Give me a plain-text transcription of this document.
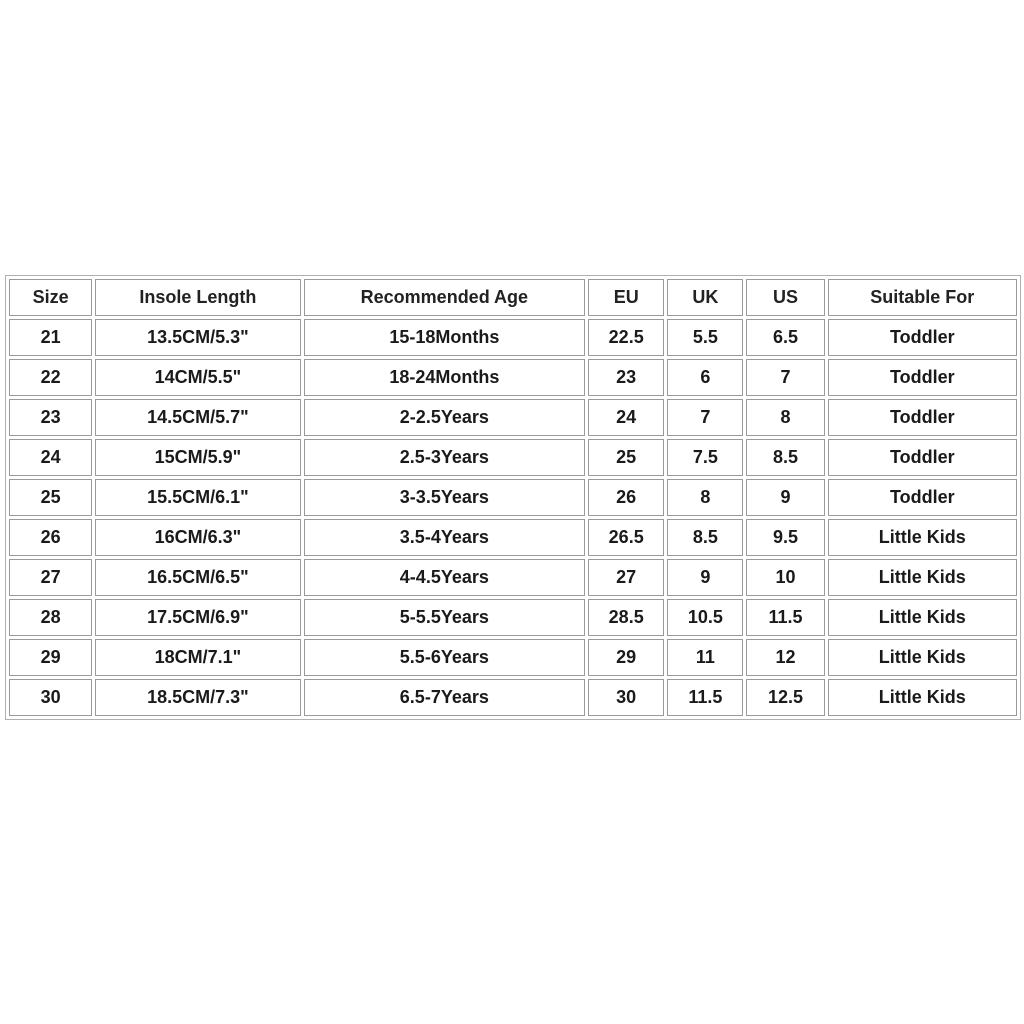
Size	Insole Length	Recommended Age	EU	UK	US	Suitable For
21	13.5CM/5.3"	15-18Months	22.5	5.5	6.5	Toddler
22	14CM/5.5"	18-24Months	23	6	7	Toddler
23	14.5CM/5.7"	2-2.5Years	24	7	8	Toddler
24	15CM/5.9"	2.5-3Years	25	7.5	8.5	Toddler
25	15.5CM/6.1"	3-3.5Years	26	8	9	Toddler
26	16CM/6.3"	3.5-4Years	26.5	8.5	9.5	Little Kids
27	16.5CM/6.5"	4-4.5Years	27	9	10	Little Kids
28	17.5CM/6.9"	5-5.5Years	28.5	10.5	11.5	Little Kids
29	18CM/7.1"	5.5-6Years	29	11	12	Little Kids
30	18.5CM/7.3"	6.5-7Years	30	11.5	12.5	Little Kids
